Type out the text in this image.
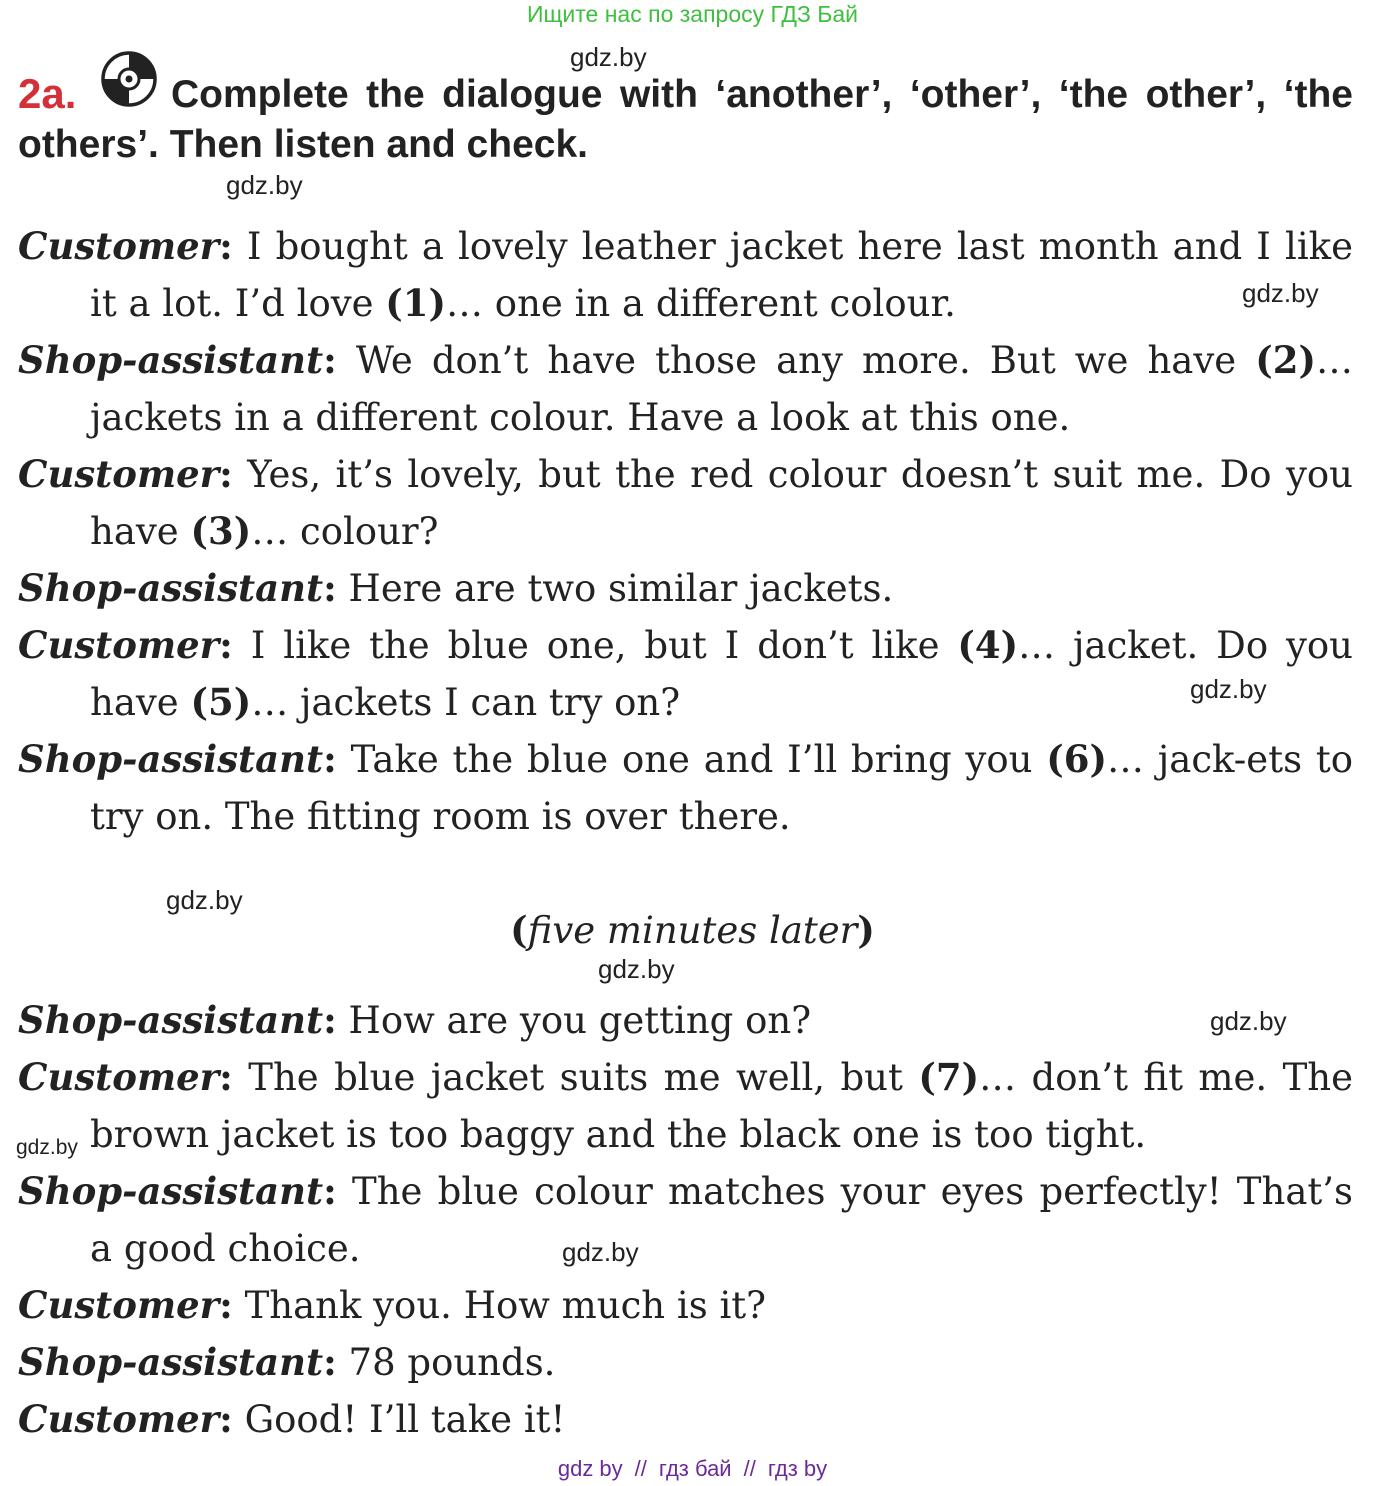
Ищите нас по запросу ГДЗ Бай
gdz.by
gdz.by
gdz.by
gdz.by
gdz.by
gdz.by
gdz.by
gdz.by
gdz.by
2a.	Complete the dialogue with ‘another’, ‘other’, ‘the other’, ‘the others’. Then listen and check.

Customer: I bought a lovely leather jacket here last month and I like it a lot. I’d love (1)… one in a different colour.

Shop-assistant: We don’t have those any more. But we have (2)… jackets in a different colour. Have a look at this one.

Customer: Yes, it’s lovely, but the red colour doesn’t suit me. Do you have (3)… colour?

Shop-assistant: Here are two similar jackets.

Customer: I like the blue one, but I don’t like (4)… jacket. Do you have (5)… jackets I can try on?

Shop-assistant: Take the blue one and I’ll bring you (6)… jack-ets to try on. The fitting room is over there.

(five minutes later)

Shop-assistant: How are you getting on?

Customer: The blue jacket suits me well, but (7)… don’t fit me. The brown jacket is too baggy and the black one is too tight.

Shop-assistant: The blue colour matches your eyes perfectly! That’s a good choice.

Customer: Thank you. How much is it?

Shop-assistant: 78 pounds.

Customer: Good! I’ll take it!

gdz by // гдз бай // гдз by
